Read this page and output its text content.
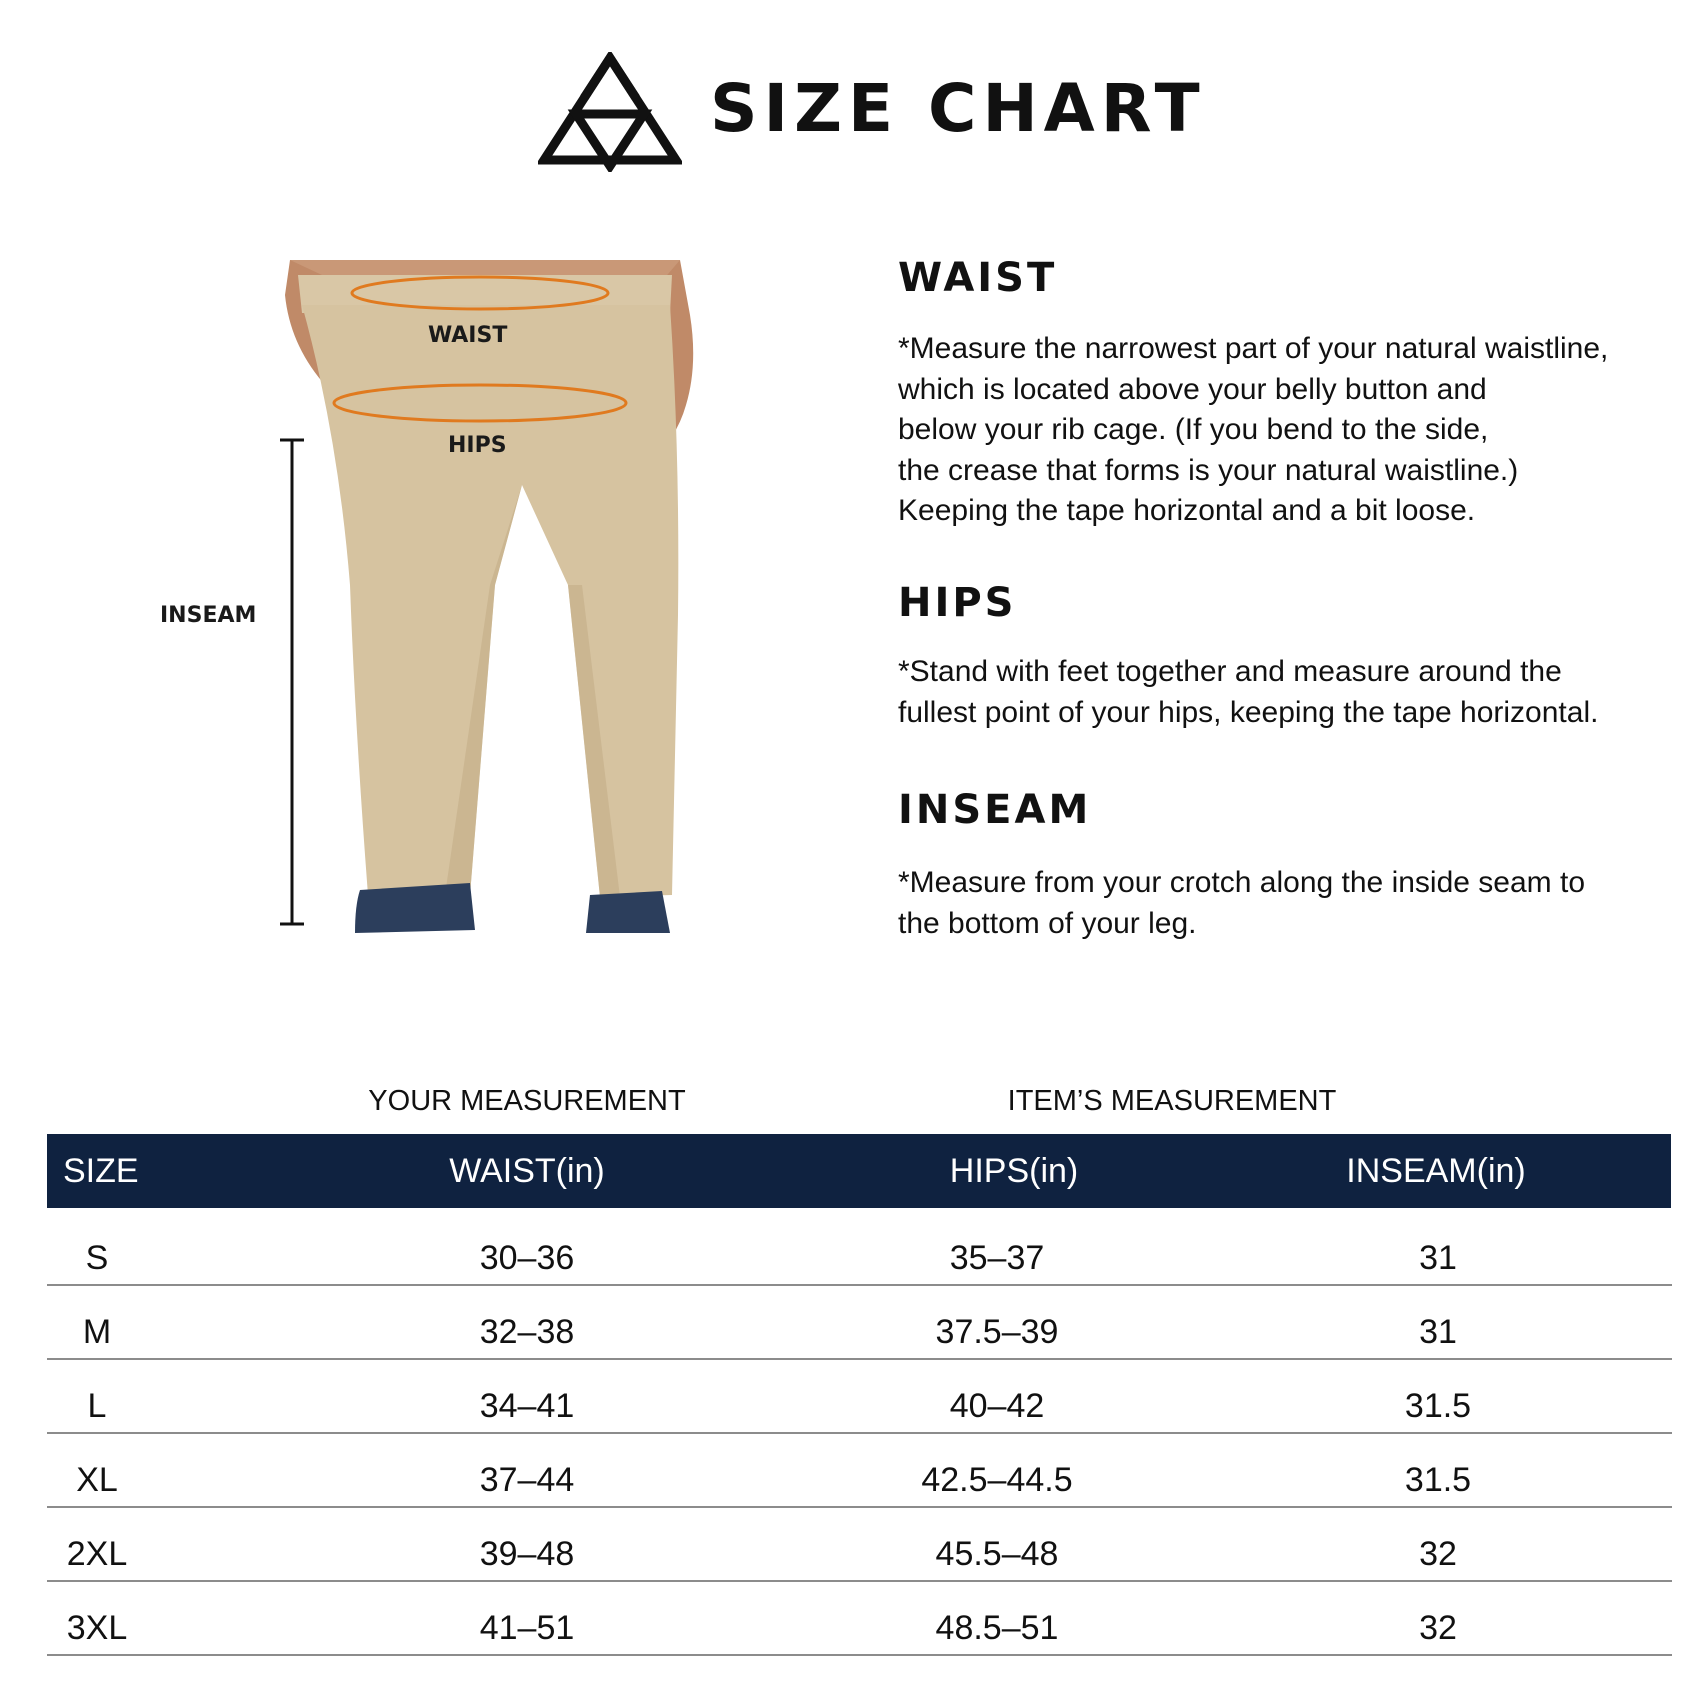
SIZE CHART
WAIST
HIPS
INSEAM
WAIST

*Measure the narrowest part of your natural waistline,
which is located above your belly button and
below your rib cage. (If you bend to the side,
the crease that forms is your natural waistline.)
Keeping the tape horizontal and a bit loose.

HIPS

*Stand with feet together and measure around the
fullest point of your hips, keeping the tape horizontal.

INSEAM

*Measure from your crotch along the inside seam to
the bottom of your leg.

YOUR MEASUREMENT	ITEM’S MEASUREMENT
SIZE	WAIST(in)	HIPS(in)	INSEAM(in)
S	30–36	35–37	31
M	32–38	37.5–39	31
L	34–41	40–42	31.5
XL	37–44	42.5–44.5	31.5
2XL	39–48	45.5–48	32
3XL	41–51	48.5–51	32
